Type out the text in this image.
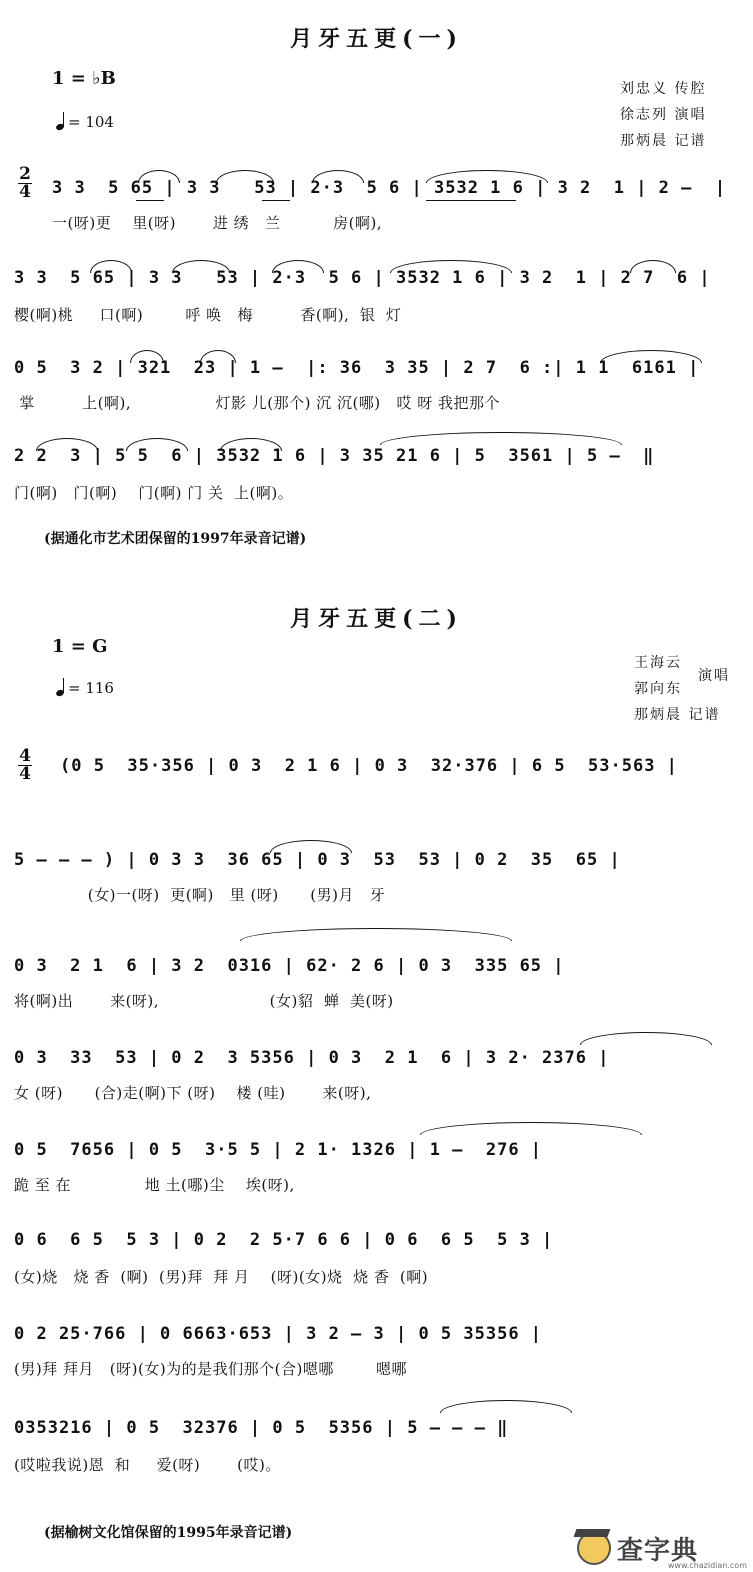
月牙五更(一)
1 = ♭B
= 104
刘忠义 传腔
徐志列 演唱
那炳晨 记谱
2
4 3 3  5 65 | 3 3   53 | 2·3  5 6 | 3532 1 6 | 3 2  1 | 2 –  |
一(呀)更    里(呀)       进 绣   兰          房(啊),
3 3  5 65 | 3 3   53 | 2·3  5 6 | 3532 1 6 | 3 2  1 | 2 7  6 |
樱(啊)桃     口(啊)        呼 唤   梅         香(啊),  银  灯
0 5  3 2 | 321  23 | 1 –  |: 36  3 35 | 2 7  6 :| 1 1  6161 |
掌         上(啊),                灯影 儿(那个) 沉 沉(哪)   哎 呀 我把那个
2 2  3 | 5 5  6 | 3532 1 6 | 3 35 21 6 | 5  3561 | 5 –  ‖
门(啊)   门(啊)    门(啊) 门 关  上(啊)。
(据通化市艺术团保留的1997年录音记谱)
月牙五更(二)
1 = G
= 116
王海云
郭向东
演唱
那炳晨 记谱
4
4 (0 5  35·356 | 0 3  2 1 6 | 0 3  32·376 | 6 5  53·563 |
5 – – – ) | 0 3 3  36 65 | 0 3  53  53 | 0 2  35  65 |
(女)一(呀)  更(啊)   里 (呀)      (男)月   牙
0 3  2 1  6 | 3 2  0316 | 62· 2 6 | 0 3  335 65 |
将(啊)出       来(呀),                     (女)貂  蝉  美(呀)
0 3  33  53 | 0 2  3 5356 | 0 3  2 1  6 | 3 2· 2376 |
女 (呀)      (合)走(啊)下 (呀)    楼 (哇)       来(呀),
0 5  7656 | 0 5  3·5 5 | 2 1· 1326 | 1 –  276 |
跪 至 在              地 土(哪)尘    埃(呀),
0 6  6 5  5 3 | 0 2  2 5·7 6 6 | 0 6  6 5  5 3 |
(女)烧   烧 香  (啊)  (男)拜  拜 月    (呀)(女)烧  烧 香  (啊)
0 2 25·766 | 0 6663·653 | 3 2 – 3 | 0 5 35356 |
(男)拜 拜月   (呀)(女)为的是我们那个(合)嗯哪        嗯哪
0353216 | 0 5  32376 | 0 5  5356 | 5 – – – ‖
(哎啦我说)恩  和     爱(呀)       (哎)。
(据榆树文化馆保留的1995年录音记谱)
查字典
www.chazidian.com
